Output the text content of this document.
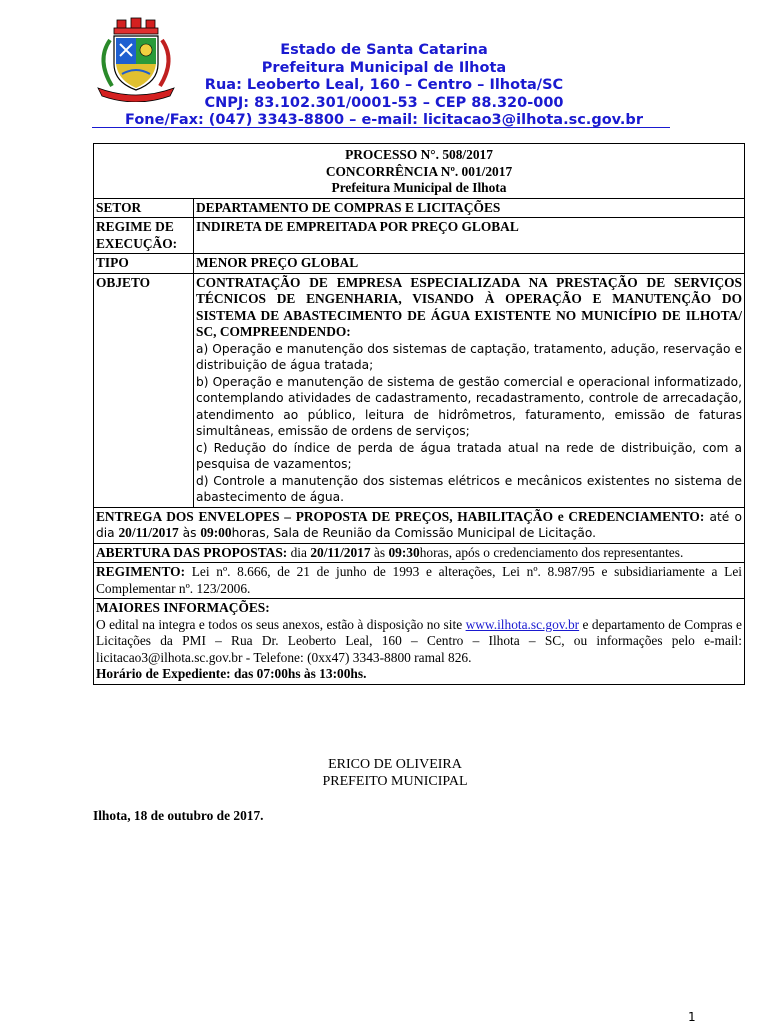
Estado de Santa Catarina
Prefeitura Municipal de Ilhota
Rua: Leoberto Leal, 160 – Centro – Ilhota/SC
CNPJ: 83.102.301/0001-53 – CEP 88.320-000
Fone/Fax: (047) 3343-8800 – e-mail: licitacao3@ilhota.sc.gov.br
PROCESSO N°. 508/2017
CONCORRÊNCIA Nº. 001/2017
Prefeitura Municipal de Ilhota	

SETOR	DEPARTAMENTO DE COMPRAS E LICITAÇÕES
REGIME DE EXECUÇÃO:	INDIRETA DE EMPREITADA POR PREÇO GLOBAL
TIPO	MENOR PREÇO GLOBAL
OBJETO	CONTRATAÇÃO DE EMPRESA ESPECIALIZADA NA PRESTAÇÃO DE SERVIÇOS TÉCNICOS DE ENGENHARIA, VISANDO À OPERAÇÃO E MANUTENÇÃO DO SISTEMA DE ABASTECIMENTO DE ÁGUA EXISTENTE NO MUNICÍPIO DE ILHOTA/ SC, COMPREENDENDO:
a) Operação e manutenção dos sistemas de captação, tratamento, adução, reservação e distribuição de água tratada;
b) Operação e manutenção de sistema de gestão comercial e operacional informatizado, contemplando atividades de cadastramento, recadastramento, controle de arrecadação, atendimento ao público, leitura de hidrômetros, faturamento, emissão de faturas simultâneas, emissão de ordens de serviços;
c) Redução do índice de perda de água tratada atual na rede de distribuição, com a pesquisa de vazamentos;
d) Controle a manutenção dos sistemas elétricos e mecânicos existentes no sistema de abastecimento de água.

ENTREGA DOS ENVELOPES – PROPOSTA DE PREÇOS, HABILITAÇÃO e CREDENCIAMENTO: até o dia 20/11/2017 às 09:00horas, Sala de Reunião da Comissão Municipal de Licitação.	
ABERTURA DAS PROPOSTAS: dia 20/11/2017 às 09:30horas, após o credenciamento dos representantes.	
REGIMENTO: Lei nº. 8.666, de 21 de junho de 1993 e alterações, Lei nº. 8.987/95 e subsidiariamente a Lei Complementar nº. 123/2006.	

MAIORES INFORMAÇÕES:
O edital na integra e todos os seus anexos, estão à disposição no site www.ilhota.sc.gov.br e departamento de Compras e Licitações da PMI – Rua Dr. Leoberto Leal, 160 – Centro – Ilhota – SC, ou informações pelo e-mail: licitacao3@ilhota.sc.gov.br - Telefone: (0xx47) 3343-8800 ramal 826.
Horário de Expediente: das 07:00hs às 13:00hs.	
ERICO DE OLIVEIRA
PREFEITO MUNICIPAL
Ilhota, 18 de outubro de 2017.
1
